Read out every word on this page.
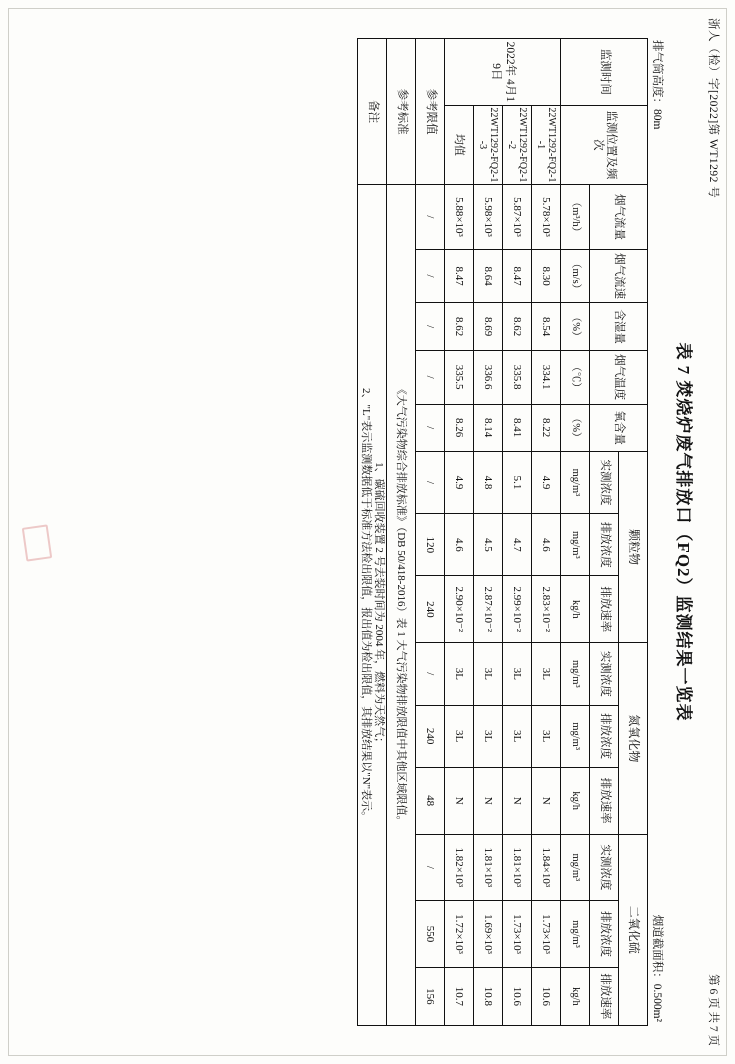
浙人（检）字[2022]第 WT1292 号
第 6 页 共 7 页
表 7 焚烧炉废气排放口（FQ2）监测结果一览表
排气筒高度：80m
烟道截面积：0.500m²
监测时间	监测位置及频次	烟气流量	烟气流速	含湿量	烟气温度	氧含量	颗粒物			氮氧化物			二氧化硫		
							实测浓度	排放浓度	排放速率	实测浓度	排放浓度	排放速率	实测浓度	排放浓度	排放速率
		（m³/h）	（m/s）	（%）	（℃）	（%）	mg/m³	mg/m³	kg/h	mg/m³	mg/m³	kg/h	mg/m³	mg/m³	kg/h
2022年 4月19日	22WT1292-FQ2-1-1	5.78×10³	8.30	8.54	334.1	8.22	4.9	4.6	2.83×10⁻²	3L	3L	N	1.84×10³	1.73×10³	10.6
	22WT1292-FQ2-1-2	5.87×10³	8.47	8.62	335.8	8.41	5.1	4.7	2.99×10⁻²	3L	3L	N	1.81×10³	1.73×10³	10.6
	22WT1292-FQ2-1-3	5.98×10³	8.64	8.69	336.6	8.14	4.8	4.5	2.87×10⁻²	3L	3L	N	1.81×10³	1.69×10³	10.8
	均值	5.88×10³	8.47	8.62	335.5	8.26	4.9	4.6	2.90×10⁻²	3L	3L	N	1.82×10³	1.72×10³	10.7
参考限值		/	/	/	/	/	/	120	240	/	240	48	/	550	156
参考标准		《大气污染物综合排放标准》（DB 50/418-2016）表 1 大气污染物排放限值中其他区域限值。													
备注		1、碳硫回收装置 2 号去装时间为 2004 年，燃料为天然气；
2、"L"表示监测数据低于标准方法检出限值，报出值为检出限值，其排放结果以"N"表示。													
